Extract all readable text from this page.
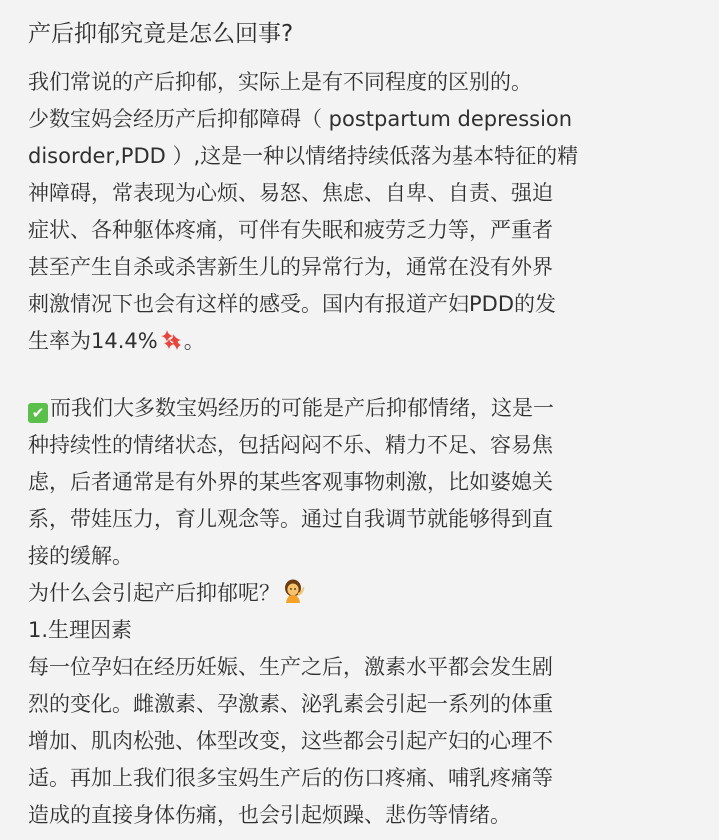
产后抑郁究竟是怎么回事?
我们常说的产后抑郁，实际上是有不同程度的区别的。
少数宝妈会经历产后抑郁障碍（ postpartum depression
disorder,PDD ）,这是一种以情绪持续低落为基本特征的精
神障碍，常表现为心烦、易怒、焦虑、自卑、自责、强迫
症状、各种躯体疼痛，可伴有失眠和疲劳乏力等，严重者
甚至产生自杀或杀害新生儿的异常行为，通常在没有外界
刺激情况下也会有这样的感受。国内有报道产妇PDD的发
生率为14.4% 。
✔ 而我们大多数宝妈经历的可能是产后抑郁情绪，这是一
种持续性的情绪状态，包括闷闷不乐、精力不足、容易焦
虑，后者通常是有外界的某些客观事物刺激，比如婆媳关
系，带娃压力，育儿观念等。通过自我调节就能够得到直
接的缓解。
为什么会引起产后抑郁呢？
1.生理因素
每一位孕妇在经历妊娠、生产之后，激素水平都会发生剧
烈的变化。雌激素、孕激素、泌乳素会引起一系列的体重
增加、肌肉松弛、体型改变，这些都会引起产妇的心理不
适。再加上我们很多宝妈生产后的伤口疼痛、哺乳疼痛等
造成的直接身体伤痛，也会引起烦躁、悲伤等情绪。
